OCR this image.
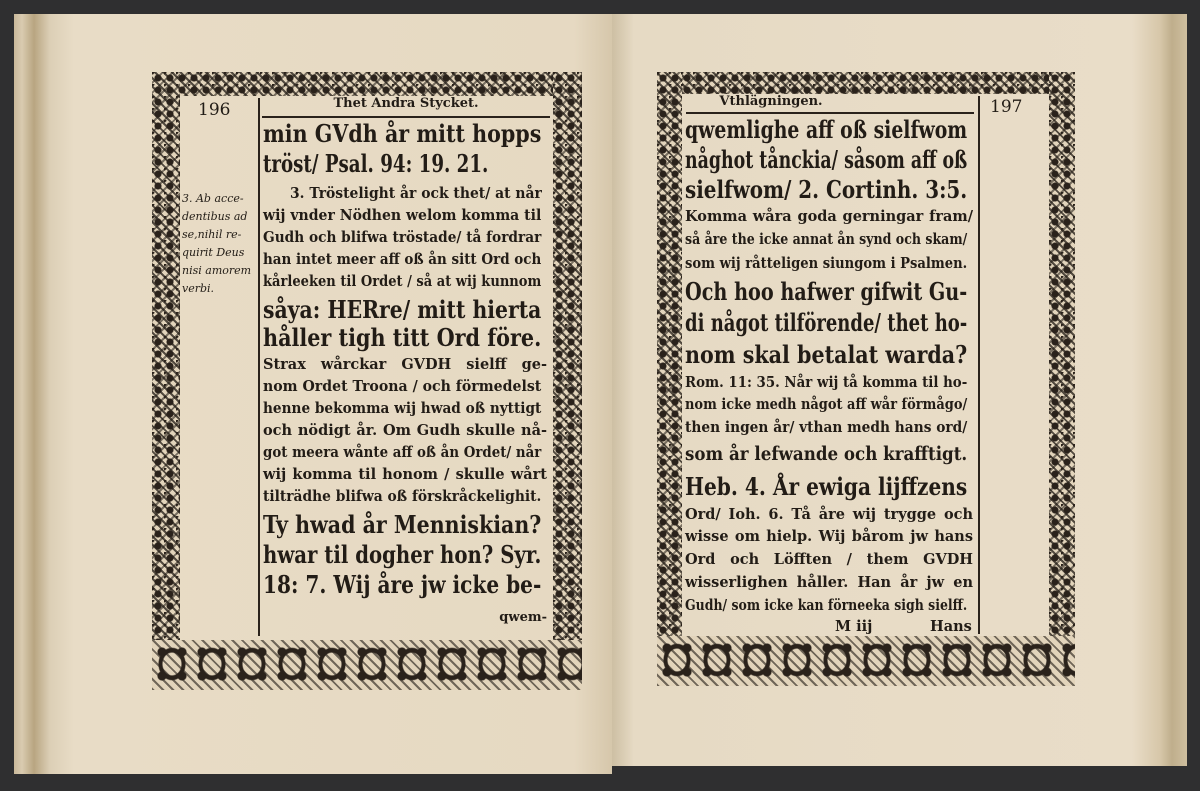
196	Thet Andra Stycket.
3. Ab acce-
dentibus ad
se,nihil re-
quirit Deus
nisi amorem
verbi.
min GVdh år mitt hopps
tröst/ Psal. 94: 19. 21.
3. Tröstelight år ock thet/ at når
wij vnder Nödhen welom komma til
Gudh och blifwa tröstade/ tå fordrar
han intet meer aff oß ån sitt Ord och
kårleeken til Ordet / så at wij kunnom
såya: HERre/ mitt hierta
håller tigh titt Ord före.
Strax wårckar GVDH sielff ge-
nom Ordet Troona / och förmedelst
henne bekomma wij hwad oß nyttigt
och nödigt år. Om Gudh skulle nå-
got meera wånte aff oß ån Ordet/ når
wij komma til honom / skulle wårt
tilträdhe blifwa oß förskråckelighit.
Ty hwad år Menniskian?
hwar til dogher hon? Syr.
18: 7. Wij åre jw icke be-
qwem-
197
Vthlägningen.
qwemlighe aff oß sielfwom
någhot tånckia/ såsom aff oß
sielfwom/ 2. Cortinh. 3:5.
Komma wåra goda gerningar fram/
så åre the icke annat ån synd och skam/
som wij råtteligen siungom i Psalmen.
Och hoo hafwer gifwit Gu-
di något tilförende/ thet ho-
nom skal betalat warda?
Rom. 11: 35. Når wij tå komma til ho-
nom icke medh något aff wår förmågo/
then ingen år/ vthan medh hans ord/
som år lefwande och krafftigt.
Heb. 4. År ewiga lijffzens
Ord/ Ioh. 6. Tå åre wij trygge och
wisse om hielp. Wij bårom jw hans
Ord och Löfften / them GVDH
wisserlighen håller. Han år jw en
Gudh/ som icke kan förneeka sigh sielff.
M iij	Hans
